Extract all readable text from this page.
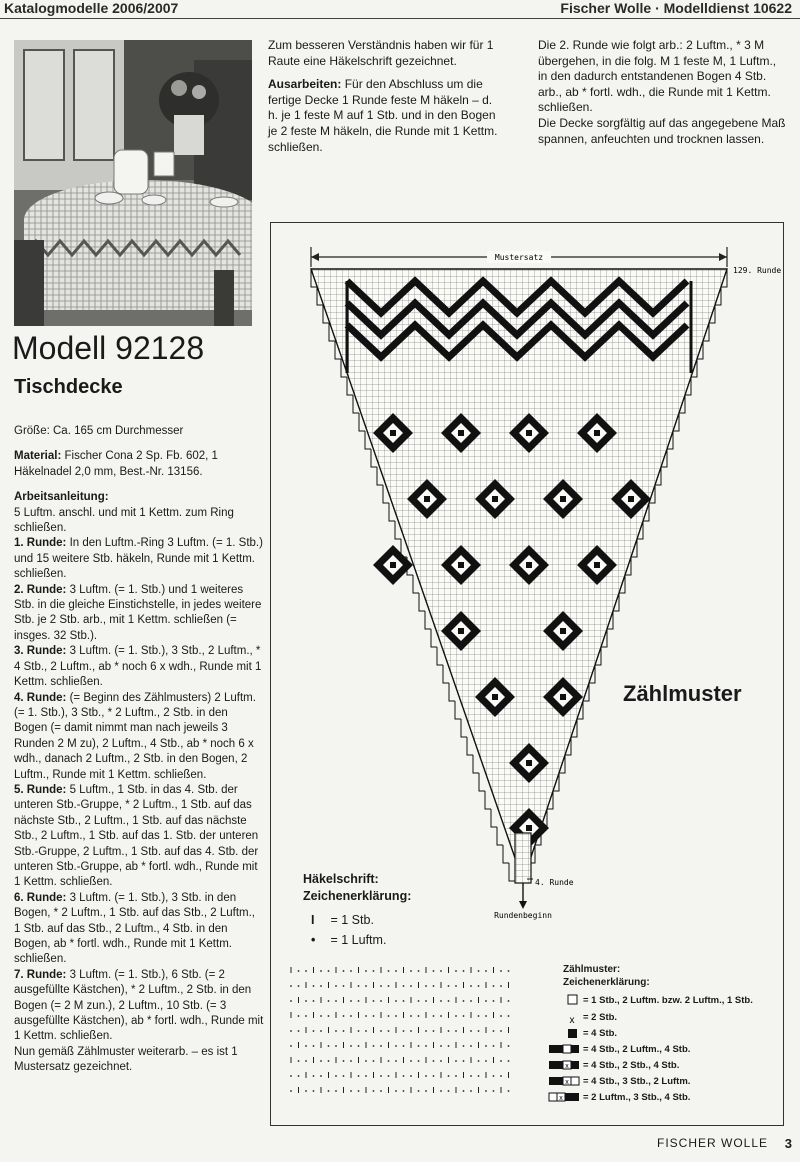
Katalogmodelle 2006/2007	Fischer Wolle · Modelldienst 10622
Modell 92128
Tischdecke

Größe: Ca. 165 cm Durchmesser

Material: Fischer Cona 2 Sp. Fb. 602, 1 Häkelnadel 2,0 mm, Best.-Nr. 13156.

Arbeitsanleitung:
5 Luftm. anschl. und mit 1 Kettm. zum Ring schließen.
1. Runde: In den Luftm.-Ring 3 Luftm. (= 1. Stb.) und 15 weitere Stb. häkeln, Runde mit 1 Kettm. schließen.
2. Runde: 3 Luftm. (= 1. Stb.) und 1 weiteres Stb. in die gleiche Einstichstelle, in jedes weitere Stb. je 2 Stb. arb., mit 1 Kettm. schließen (= insges. 32 Stb.).
3. Runde: 3 Luftm. (= 1. Stb.), 3 Stb., 2 Luftm., * 4 Stb., 2 Luftm., ab * noch 6 x wdh., Runde mit 1 Kettm. schließen.
4. Runde: (= Beginn des Zählmusters) 2 Luftm. (= 1. Stb.), 3 Stb., * 2 Luftm., 2 Stb. in den Bogen (= damit nimmt man nach jeweils 3 Runden 2 M zu), 2 Luftm., 4 Stb., ab * noch 6 x wdh., danach 2 Luftm., 2 Stb. in den Bogen, 2 Luftm., Runde mit 1 Kettm. schließen.
5. Runde: 5 Luftm., 1 Stb. in das 4. Stb. der unteren Stb.-Gruppe, * 2 Luftm., 1 Stb. auf das nächste Stb., 2 Luftm., 1 Stb. auf das nächste Stb., 2 Luftm., 1 Stb. auf das 1. Stb. der unteren Stb.-Gruppe, 2 Luftm., 1 Stb. auf das 4. Stb. der unteren Stb.-Gruppe, ab * fortl. wdh., Runde mit 1 Kettm. schließen.
6. Runde: 3 Luftm. (= 1. Stb.), 3 Stb. in den Bogen, * 2 Luftm., 1 Stb. auf das Stb., 2 Luftm., 1 Stb. auf das Stb., 2 Luftm., 4 Stb. in den Bogen, ab * fortl. wdh., Runde mit 1 Kettm. schließen.
7. Runde: 3 Luftm. (= 1. Stb.), 6 Stb. (= 2 ausgefüllte Kästchen), * 2 Luftm., 2 Stb. in den Bogen (= 2 M zun.), 2 Luftm., 10 Stb. (= 3 ausgefüllte Kästchen), ab * fortl. wdh., Runde mit 1 Kettm. schließen.
Nun gemäß Zählmuster weiterarb. – es ist 1 Mustersatz gezeichnet.

Zum besseren Verständnis haben wir für 1 Raute eine Häkelschrift gezeichnet.

Ausarbeiten: Für den Abschluss um die fertige Decke 1 Runde feste M häkeln – d. h. je 1 feste M auf 1 Stb. und in den Bogen je 2 feste M häkeln, die Runde mit 1 Kettm. schließen.

Die 2. Runde wie folgt arb.: 2 Luftm., * 3 M übergehen, in die folg. M 1 feste M, 1 Luftm., in den dadurch entstandenen Bogen 4 Stb. arb., ab * fortl. wdh., die Runde mit 1 Kettm. schließen.

Die Decke sorgfältig auf das angegebene Maß spannen, anfeuchten und trocknen lassen.

Mustersatz
129. Runde
4. Runde
Rundenbeginn
x
x
x
x
Zählmuster
Häkelschrift:
Zeichenerklärung:
I = 1 Stb.
• = 1 Luftm.
Zählmuster:
Zeichenerklärung:
= 1 Stb., 2 Luftm. bzw. 2 Luftm., 1 Stb.
= 2 Stb.
= 4 Stb.
= 4 Stb., 2 Luftm., 4 Stb.
= 4 Stb., 2 Stb., 4 Stb.
= 4 Stb., 3 Stb., 2 Luftm.
= 2 Luftm., 3 Stb., 4 Stb.
FISCHER WOLLE 3
